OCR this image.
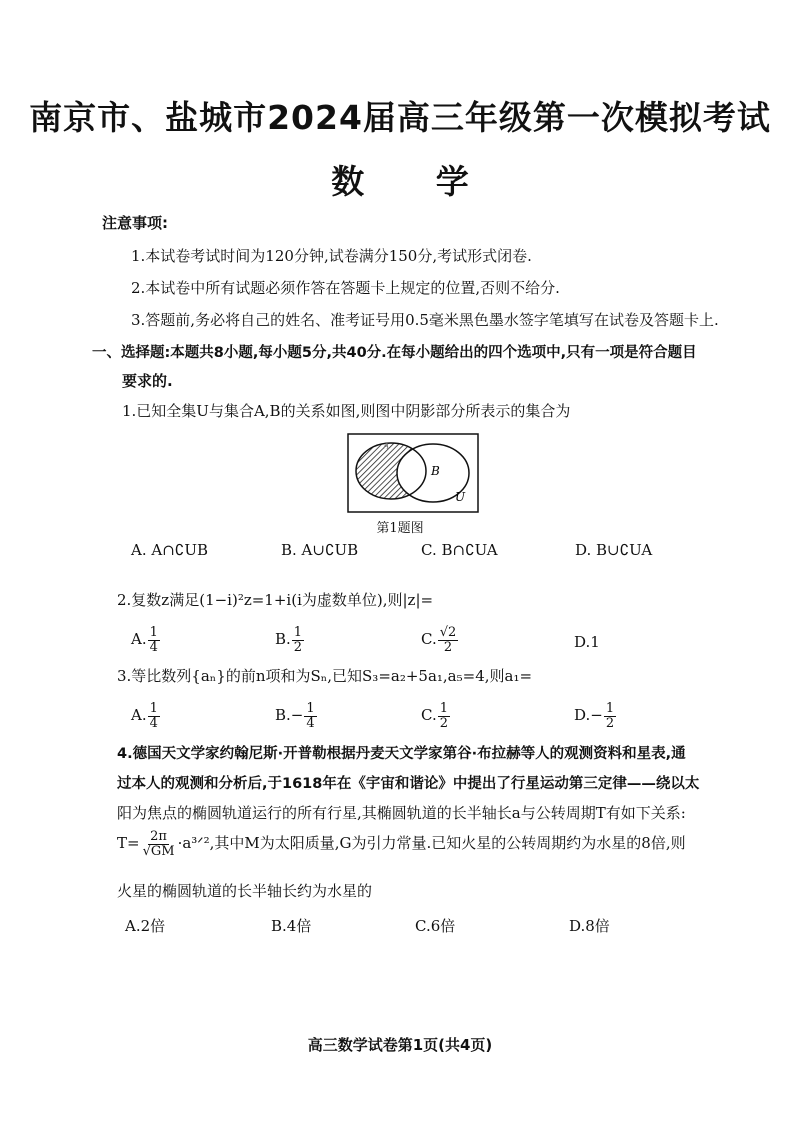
南京市、盐城市2024届高三年级第一次模拟考试
数 学
注意事项:
1.本试卷考试时间为120分钟,试卷满分150分,考试形式闭卷.
2.本试卷中所有试题必须作答在答题卡上规定的位置,否则不给分.
3.答题前,务必将自己的姓名、准考证号用0.5毫米黑色墨水签字笔填写在试卷及答题卡上.
一、选择题:本题共8小题,每小题5分,共40分.在每小题给出的四个选项中,只有一项是符合题目
要求的.
1.已知全集U与集合A,B的关系如图,则图中阴影部分所表示的集合为
B
U
A
第1题图
A. A∩∁UB	B. A∪∁UB	C. B∩∁UA	D. B∪∁UA
2.复数z满足(1−i)²z=1+i(i为虚数单位),则|z|=
A. $\frac{1}{4}$	B. $\frac{1}{2}$	C. $\frac{√2}{2}$	D.1
3.等比数列{aₙ}的前n项和为Sₙ,已知S₃=a₂+5a₁,a₅=4,则a₁=
A. $\frac{1}{4}$	$B.- \frac{1}{4}$	C. $\frac{1}{2}$	$D.- \frac{1}{2}$
4.德国天文学家约翰尼斯·开普勒根据丹麦天文学家第谷·布拉赫等人的观测资料和星表,通
过本人的观测和分析后,于1618年在《宇宙和谐论》中提出了行星运动第三定律——绕以太
阳为焦点的椭圆轨道运行的所有行星,其椭圆轨道的长半轴长a与公转周期T有如下关系:
$T= \frac{2\pi}{√GM}$ ·a³ᐟ²,其中M为太阳质量,G为引力常量.已知火星的公转周期约为水星的8倍,则
火星的椭圆轨道的长半轴长约为水星的
A.2倍	B.4倍	C.6倍	D.8倍
高三数学试卷第1页(共4页)
